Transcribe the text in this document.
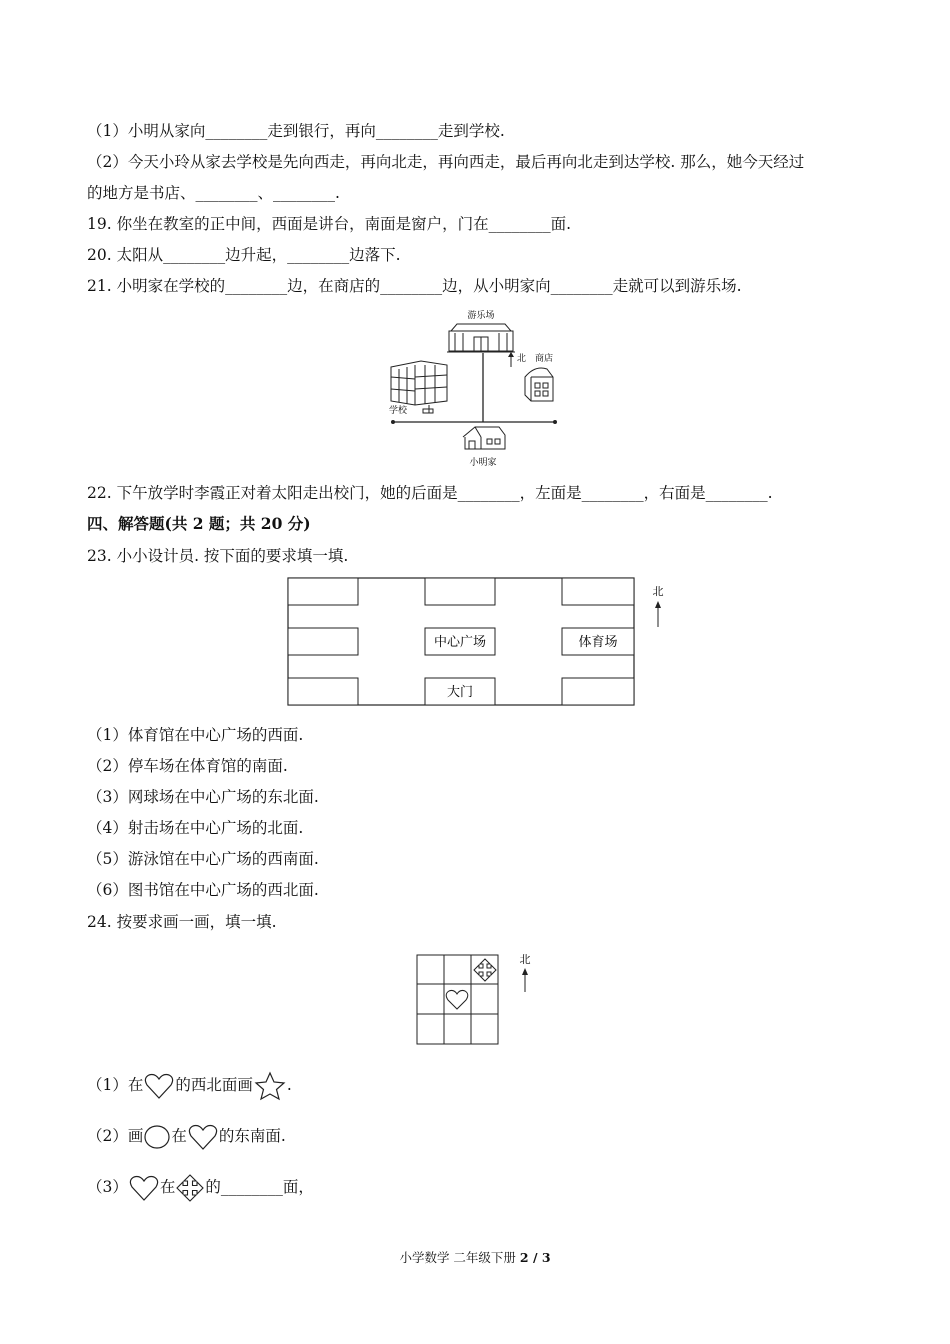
（1）小明从家向________走到银行，再向________走到学校.
（2）今天小玲从家去学校是先向西走，再向北走，再向西走，最后再向北走到达学校. 那么，她今天经过
的地方是书店、________、________.
19. 你坐在教室的正中间，西面是讲台，南面是窗户，门在________面.
20. 太阳从________边升起，________边落下.
21. 小明家在学校的________边，在商店的________边，从小明家向________走就可以到游乐场.
游乐场
北 商店
学校
小明家
22. 下午放学时李霞正对着太阳走出校门，她的后面是________，左面是________，右面是________.
四、解答题(共 2 题；共 20 分)
23. 小小设计员. 按下面的要求填一填.
中心广场	体育场
大门
北
（1）体育馆在中心广场的西面.
（2）停车场在体育馆的南面.
（3）网球场在中心广场的东北面.
（4）射击场在中心广场的北面.
（5）游泳馆在中心广场的西南面.
（6）图书馆在中心广场的西北面.
24. 按要求画一画，填一填.
北
（1）在 的西北面画 .
（2）画 在 的东南面.
（3） 在 的________面，
小学数学 二年级下册 2 / 3
